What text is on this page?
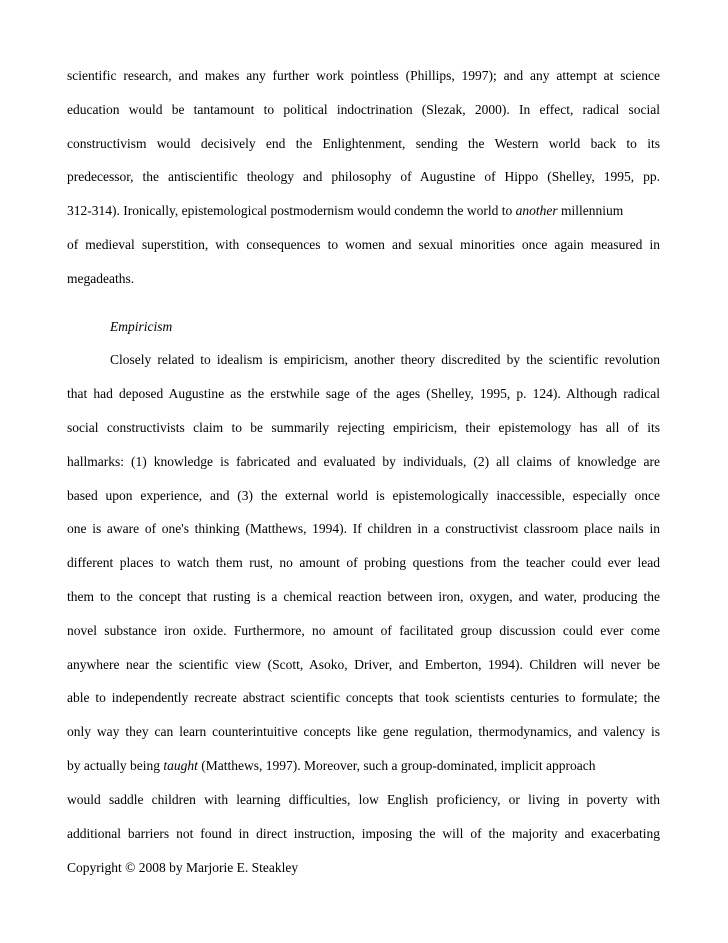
scientific research, and makes any further work pointless (Phillips, 1997); and any attempt at science
education would be tantamount to political indoctrination (Slezak, 2000). In effect, radical social
constructivism would decisively end the Enlightenment, sending the Western world back to its
predecessor, the antiscientific theology and philosophy of Augustine of Hippo (Shelley, 1995, pp.
312-314). Ironically, epistemological postmodernism would condemn the world to another millennium
of medieval superstition, with consequences to women and sexual minorities once again measured in
megadeaths.
Empiricism
Closely related to idealism is empiricism, another theory discredited by the scientific revolution
that had deposed Augustine as the erstwhile sage of the ages (Shelley, 1995, p. 124). Although radical
social constructivists claim to be summarily rejecting empiricism, their epistemology has all of its
hallmarks: (1) knowledge is fabricated and evaluated by individuals, (2) all claims of knowledge are
based upon experience, and (3) the external world is epistemologically inaccessible, especially once
one is aware of one's thinking (Matthews, 1994). If children in a constructivist classroom place nails in
different places to watch them rust, no amount of probing questions from the teacher could ever lead
them to the concept that rusting is a chemical reaction between iron, oxygen, and water, producing the
novel substance iron oxide. Furthermore, no amount of facilitated group discussion could ever come
anywhere near the scientific view (Scott, Asoko, Driver, and Emberton, 1994). Children will never be
able to independently recreate abstract scientific concepts that took scientists centuries to formulate; the
only way they can learn counterintuitive concepts like gene regulation, thermodynamics, and valency is
by actually being taught (Matthews, 1997). Moreover, such a group-dominated, implicit approach
would saddle children with learning difficulties, low English proficiency, or living in poverty with
additional barriers not found in direct instruction, imposing the will of the majority and exacerbating
Copyright © 2008 by Marjorie E. Steakley
